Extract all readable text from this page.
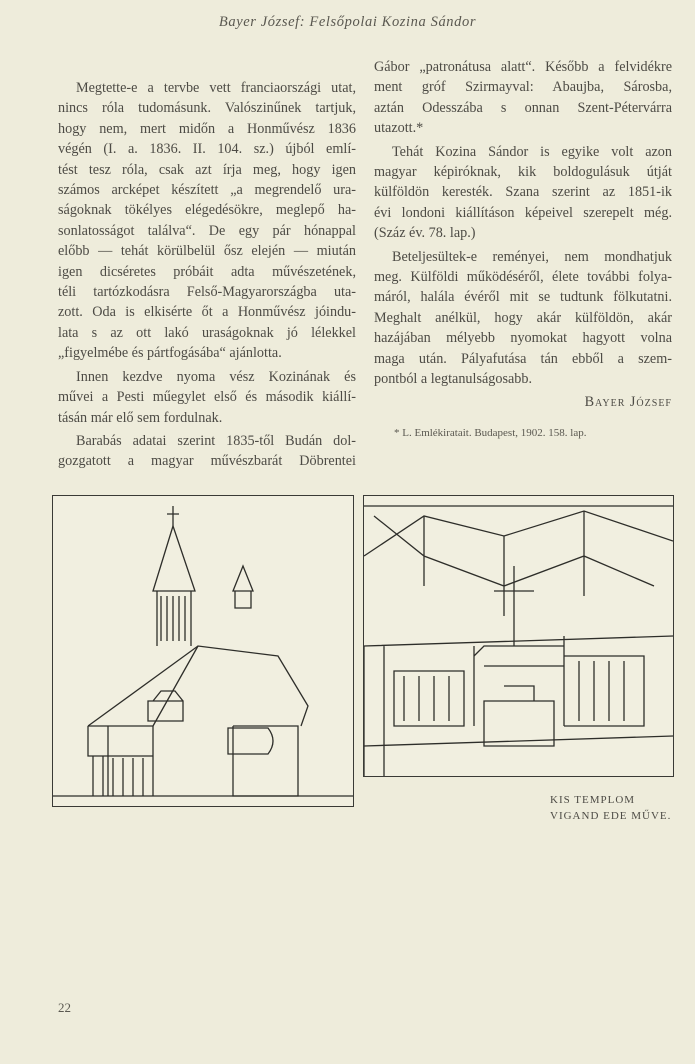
Bayer József: Felsőpolai Kozina Sándor
Megtette-e a tervbe vett franciaországi utat,
nincs róla tudomásunk. Valószinűnek tartjuk,
hogy nem, mert midőn a Honművész 1836
végén (I. a. 1836. II. 104. sz.) újból emlí-
tést tesz róla, csak azt írja meg, hogy igen
számos arcképet készített „a megrendelő ura-
ságoknak tökélyes elégedésökre, meglepő ha-
sonlatosságot találva“. De egy pár hónappal
előbb — tehát körülbelül ősz elején — miután
igen dicséretes próbáit adta művészetének,
téli tartózkodásra Felső-Magyarországba uta-
zott. Oda is elkisérte őt a Honművész jóindu-
lata s az ott lakó uraságoknak jó lélekkel
„figyelmébe és pártfogásába“ ajánlotta.
Innen kezdve nyoma vész Kozinának és
művei a Pesti műegylet első és második kiállí-
tásán már elő sem fordulnak.
Barabás adatai szerint 1835-től Budán dol-
gozgatott a magyar művészbarát Döbrentei
Gábor „patronátusa alatt“. Később a felvidékre
ment gróf Szirmayval: Abaujba, Sárosba,
aztán Odesszába s onnan Szent-Pétervárra
utazott.*
Tehát Kozina Sándor is egyike volt azon
magyar képiróknak, kik boldogulásuk útját
külföldön keresték. Szana szerint az 1851-ik
évi londoni kiállításon képeivel szerepelt még.
(Száz év. 78. lap.)
Beteljesültek-e reményei, nem mondhatjuk
meg. Külföldi működéséről, élete további folya-
máról, halála évéről mit se tudtunk fölkutatni.
Meghalt anélkül, hogy akár külföldön, akár
hazájában mélyebb nyomokat hagyott volna
maga után. Pályafutása tán ebből a szem-
pontból a legtanulságosabb.
Bayer József
* L. Emlékiratait. Budapest, 1902. 158. lap.
KIS TEMPLOM
VIGAND EDE MŰVE.
22
